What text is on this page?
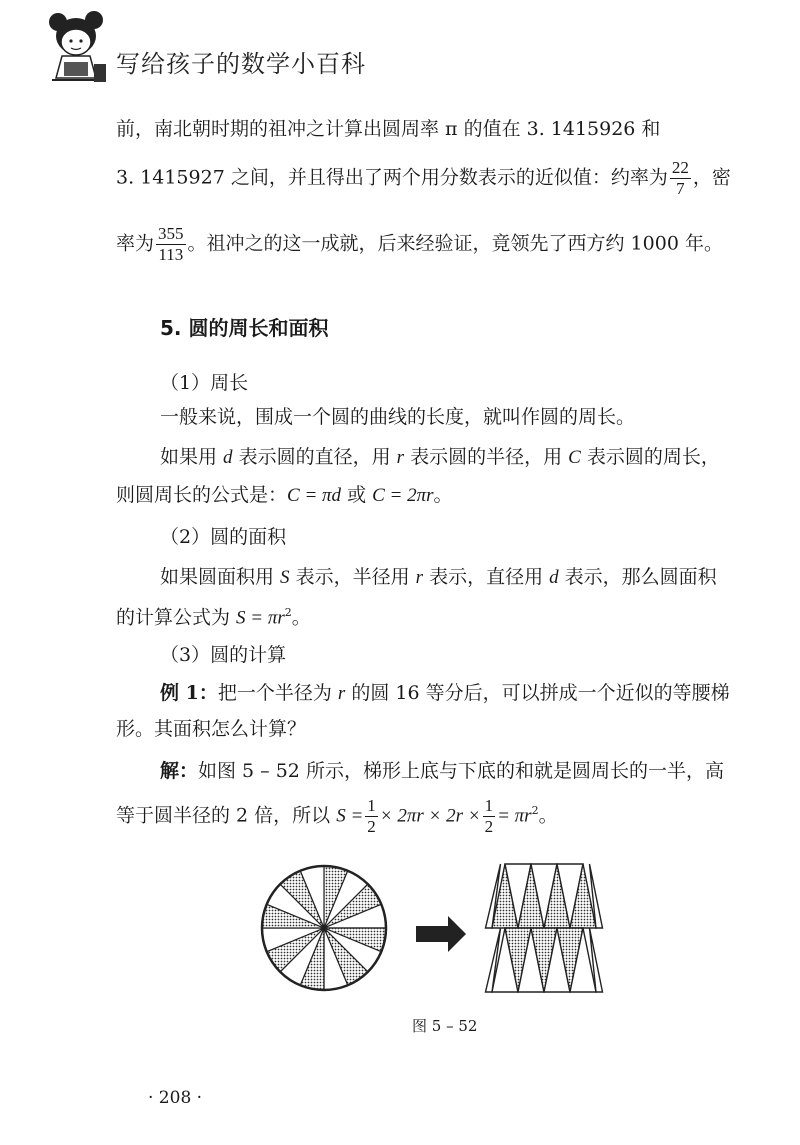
写给孩子的数学小百科
前，南北朝时期的祖冲之计算出圆周率 π 的值在 3. 1415926 和
3. 1415927 之间，并且得出了两个用分数表示的近似值：约率为 $\frac{22}{7}$ ，密
率为 $\frac{355}{113}$ 。祖冲之的这一成就，后来经验证，竟领先了西方约 1000 年。
5. 圆的周长和面积
（1）周长
一般来说，围成一个圆的曲线的长度，就叫作圆的周长。
如果用 d 表示圆的直径，用 r 表示圆的半径，用 C 表示圆的周长，
则圆周长的公式是：C = πd 或 C = 2πr。
（2）圆的面积
如果圆面积用 S 表示，半径用 r 表示，直径用 d 表示，那么圆面积
的计算公式为 $S = \pi r^2$。
（3）圆的计算
例 1：把一个半径为 r 的圆 16 等分后，可以拼成一个近似的等腰梯
形。其面积怎么计算？
解：如图 5 – 52 所示，梯形上底与下底的和就是圆周长的一半，高
等于圆半径的 2 倍，所以 $S = \frac{1}{2} \times 2\pi r \times 2r \times \frac{1}{2} = \pi r^2$。
图 5 – 52
· 208 ·
